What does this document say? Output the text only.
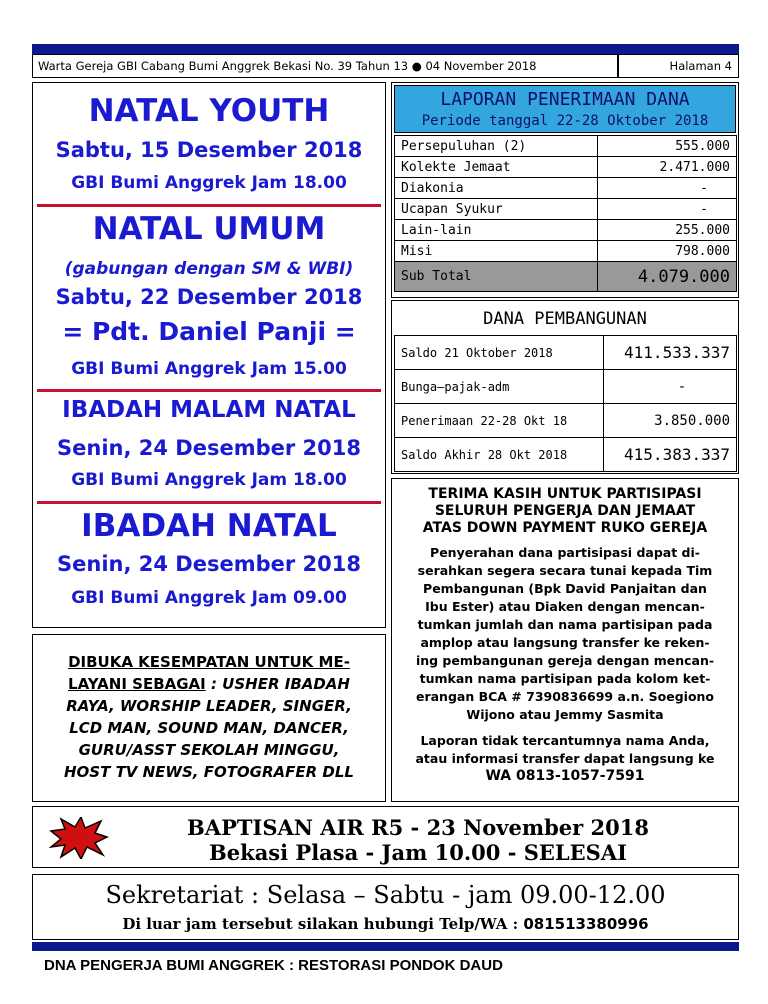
Warta Gereja GBI Cabang Bumi Anggrek Bekasi No. 39 Tahun 13 ● 04 November 2018	Halaman 4
NATAL YOUTH
Sabtu, 15 Desember 2018
GBI Bumi Anggrek Jam 18.00
NATAL UMUM
(gabungan dengan SM & WBI)
Sabtu, 22 Desember 2018
= Pdt. Daniel Panji =
GBI Bumi Anggrek Jam 15.00
IBADAH MALAM NATAL
Senin, 24 Desember 2018
GBI Bumi Anggrek Jam 18.00
IBADAH NATAL
Senin, 24 Desember 2018
GBI Bumi Anggrek Jam 09.00
DIBUKA KESEMPATAN UNTUK ME-
LAYANI SEBAGAI : USHER IBADAH
RAYA, WORSHIP LEADER, SINGER,
LCD MAN, SOUND MAN, DANCER,
GURU/ASST SEKOLAH MINGGU,
HOST TV NEWS, FOTOGRAFER DLL
LAPORAN PENERIMAAN DANA
Periode tanggal 22-28 Oktober 2018
Persepuluhan (2)	555.000
Kolekte Jemaat	2.471.000
Diakonia	-
Ucapan Syukur	-
Lain-lain	255.000
Misi	798.000
Sub Total	4.079.000
DANA PEMBANGUNAN
Saldo 21 Oktober 2018	411.533.337
Bunga—pajak-adm	-
Penerimaan 22-28 Okt 18	3.850.000
Saldo Akhir 28 Okt 2018	415.383.337
TERIMA KASIH UNTUK PARTISIPASI
SELURUH PENGERJA DAN JEMAAT
ATAS DOWN PAYMENT RUKO GEREJA
Penyerahan dana partisipasi dapat di-
serahkan segera secara tunai kepada Tim
Pembangunan (Bpk David Panjaitan dan
Ibu Ester) atau Diaken dengan mencan-
tumkan jumlah dan nama partisipan pada
amplop atau langsung transfer ke reken-
ing pembangunan gereja dengan mencan-
tumkan nama partisipan pada kolom ket-
erangan BCA # 7390836699 a.n. Soegiono
Wijono atau Jemmy Sasmita
Laporan tidak tercantumnya nama Anda,
atau informasi transfer dapat langsung ke
WA 0813-1057-7591
BAPTISAN AIR R5 - 23 November 2018
Bekasi Plasa - Jam 10.00 - SELESAI
Sekretariat : Selasa – Sabtu - jam 09.00-12.00
Di luar jam tersebut silakan hubungi Telp/WA : 081513380996
DNA PENGERJA BUMI ANGGREK : RESTORASI PONDOK DAUD
